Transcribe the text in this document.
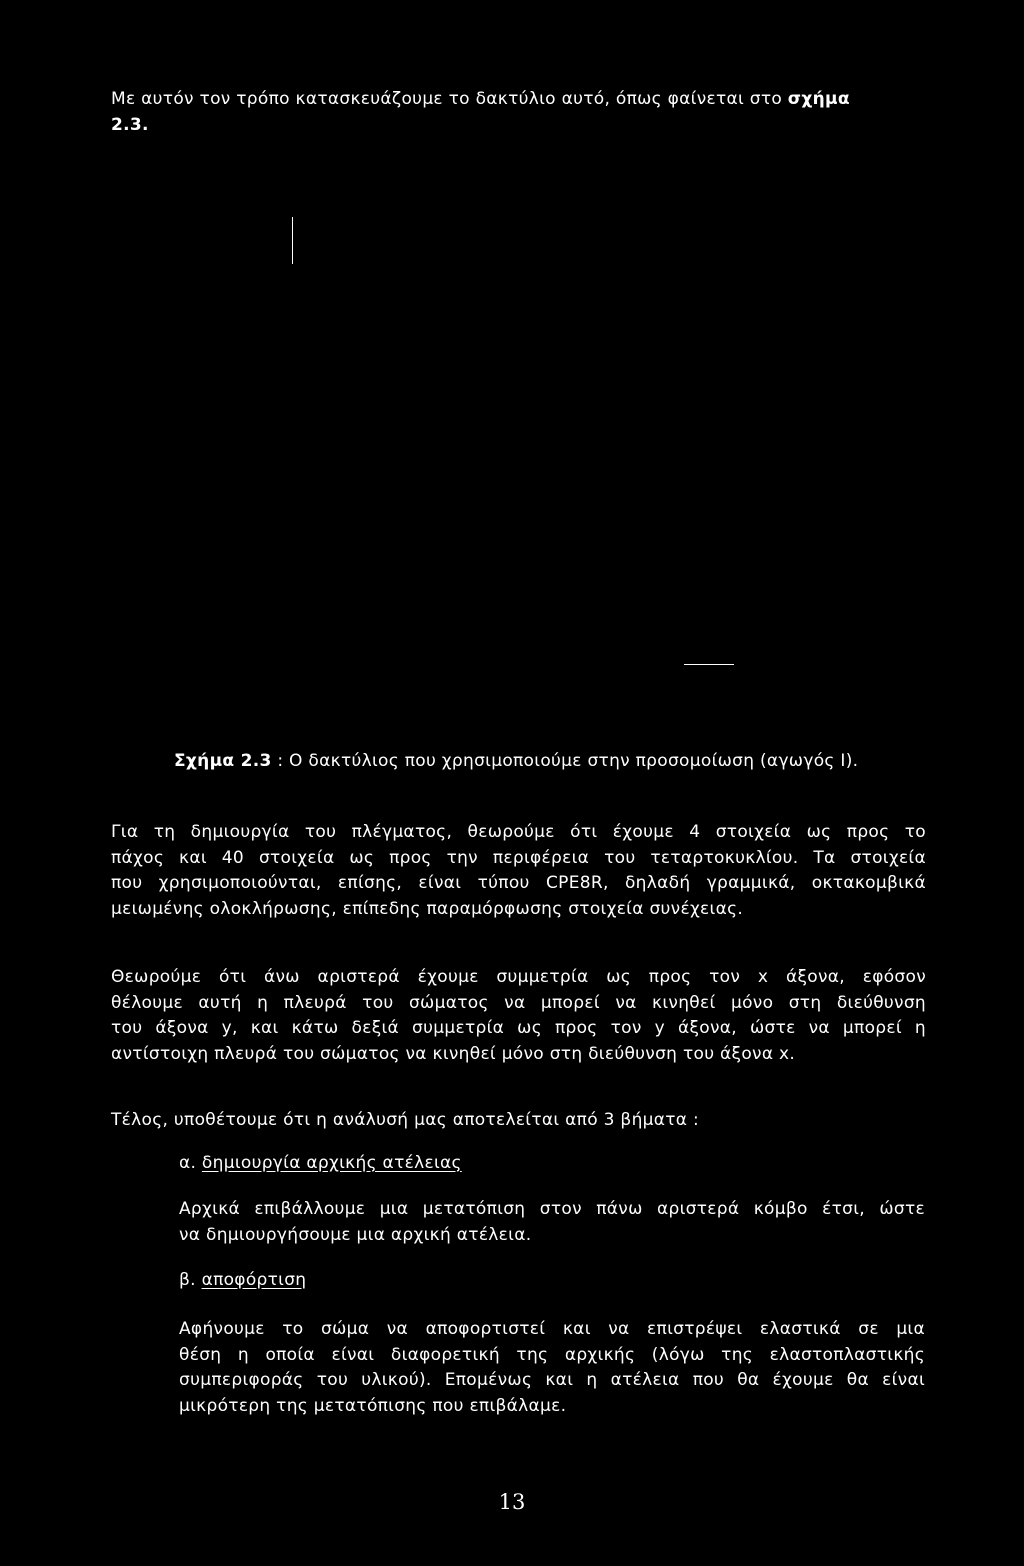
Με αυτόν τον τρόπο κατασκευάζουμε το δακτύλιο αυτό, όπως φαίνεται στο σχήμα
2.3.

Σχήμα 2.3 : Ο δακτύλιος που χρησιμοποιούμε στην προσομοίωση (αγωγός Ι).

Για τη δημιουργία του πλέγματος, θεωρούμε ότι έχουμε 4 στοιχεία ως προς το
πάχος και 40 στοιχεία ως προς την περιφέρεια του τεταρτοκυκλίου. Τα στοιχεία
που χρησιμοποιούνται, επίσης, είναι τύπου CPE8R, δηλαδή γραμμικά, οκτακομβικά
μειωμένης ολοκλήρωσης, επίπεδης παραμόρφωσης στοιχεία συνέχειας.

Θεωρούμε ότι άνω αριστερά έχουμε συμμετρία ως προς τον x άξονα, εφόσον
θέλουμε αυτή η πλευρά του σώματος να μπορεί να κινηθεί μόνο στη διεύθυνση
του άξονα y, και κάτω δεξιά συμμετρία ως προς τον y άξονα, ώστε να μπορεί η
αντίστοιχη πλευρά του σώματος να κινηθεί μόνο στη διεύθυνση του άξονα x.

Τέλος, υποθέτουμε ότι η ανάλυσή μας αποτελείται από 3 βήματα :

α. δημιουργία αρχικής ατέλειας

Αρχικά επιβάλλουμε μια μετατόπιση στον πάνω αριστερά κόμβο έτσι, ώστε
να δημιουργήσουμε μια αρχική ατέλεια.

β. αποφόρτιση

Αφήνουμε το σώμα να αποφορτιστεί και να επιστρέψει ελαστικά σε μια
θέση η οποία είναι διαφορετική της αρχικής (λόγω της ελαστοπλαστικής
συμπεριφοράς του υλικού). Επομένως και η ατέλεια που θα έχουμε θα είναι
μικρότερη της μετατόπισης που επιβάλαμε.

13
